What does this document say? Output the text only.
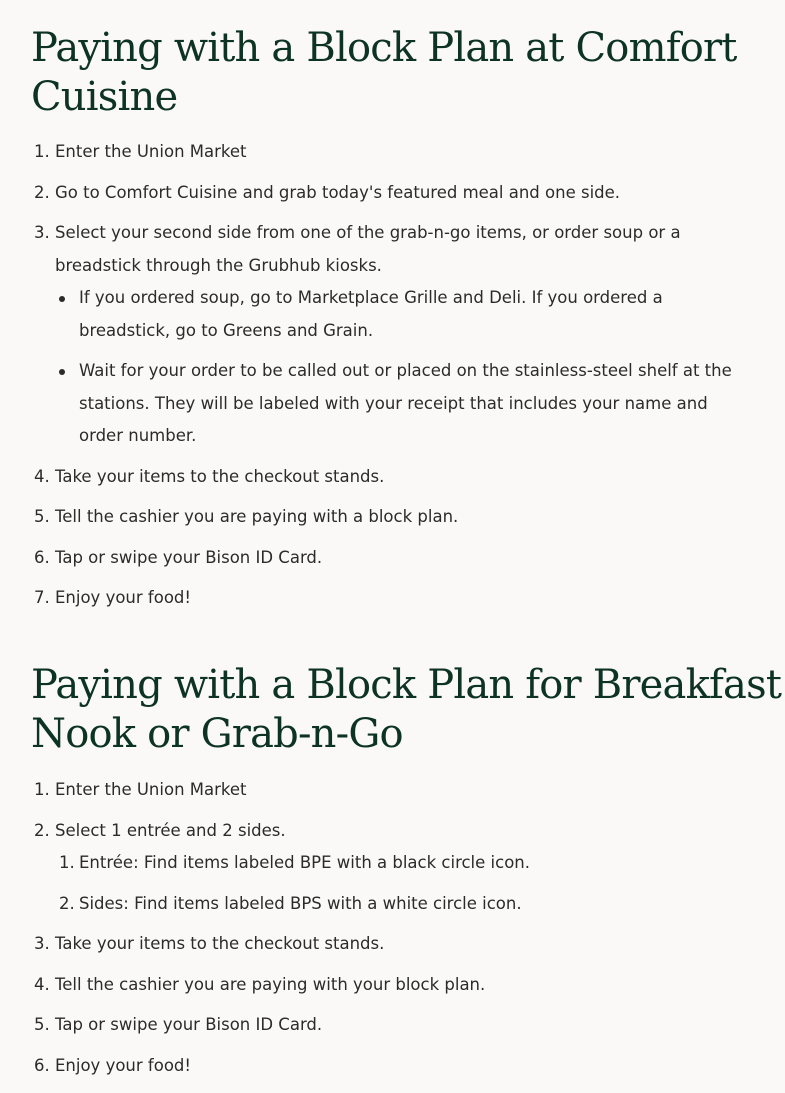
Paying with a Block Plan at Comfort Cuisine
1. Enter the Union Market
2. Go to Comfort Cuisine and grab today's featured meal and one side.
3. Select your second side from one of the grab-n-go items, or order soup or a breadstick through the Grubhub kiosks.
If you ordered soup, go to Marketplace Grille and Deli. If you ordered a breadstick, go to Greens and Grain.
Wait for your order to be called out or placed on the stainless-steel shelf at the stations. They will be labeled with your receipt that includes your name and order number.
4. Take your items to the checkout stands.
5. Tell the cashier you are paying with a block plan.
6. Tap or swipe your Bison ID Card.
7. Enjoy your food!
Paying with a Block Plan for Breakfast Nook or Grab-n-Go
1. Enter the Union Market
2. Select 1 entrée and 2 sides.
1. Entrée: Find items labeled BPE with a black circle icon.
2. Sides: Find items labeled BPS with a white circle icon.
3. Take your items to the checkout stands.
4. Tell the cashier you are paying with your block plan.
5. Tap or swipe your Bison ID Card.
6. Enjoy your food!
